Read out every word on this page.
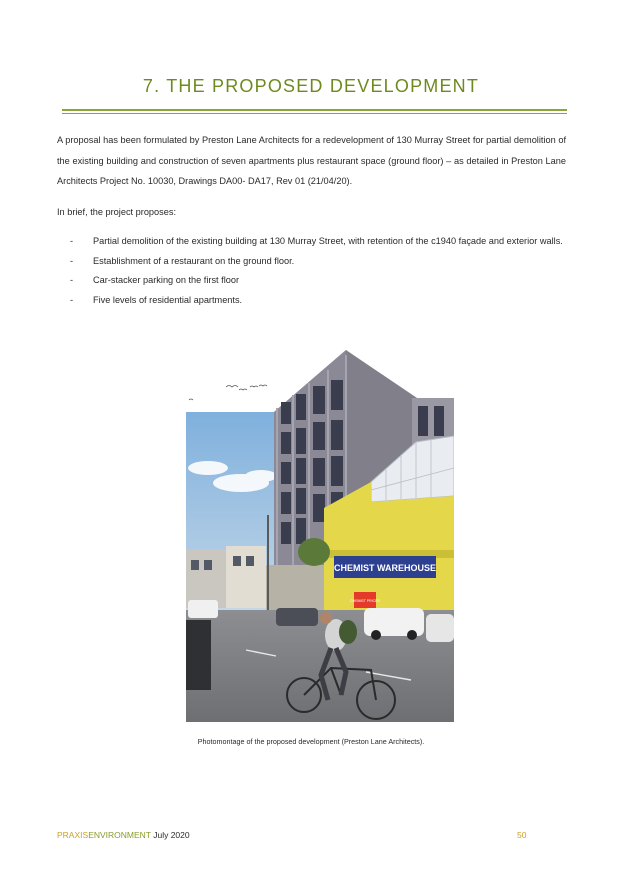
7. THE PROPOSED DEVELOPMENT

A proposal has been formulated by Preston Lane Architects for a redevelopment of 130 Murray Street for partial demolition of the existing building and construction of seven apartments plus restaurant space (ground floor) – as detailed in Preston Lane Architects Project No. 10030, Drawings DA00- DA17, Rev 01 (21/04/20).

In brief, the project proposes:

- Partial demolition of the existing building at 130 Murray Street, with retention of the c1940 façade and exterior walls.
- Establishment of a restaurant on the ground floor.
- Car-stacker parking on the first floor
- Five levels of residential apartments.
CHEMIST WAREHOUSE
CHEMIST PRICES

Photomontage of the proposed development (Preston Lane Architects).

PRAXISENVIRONMENT July 2020	50
